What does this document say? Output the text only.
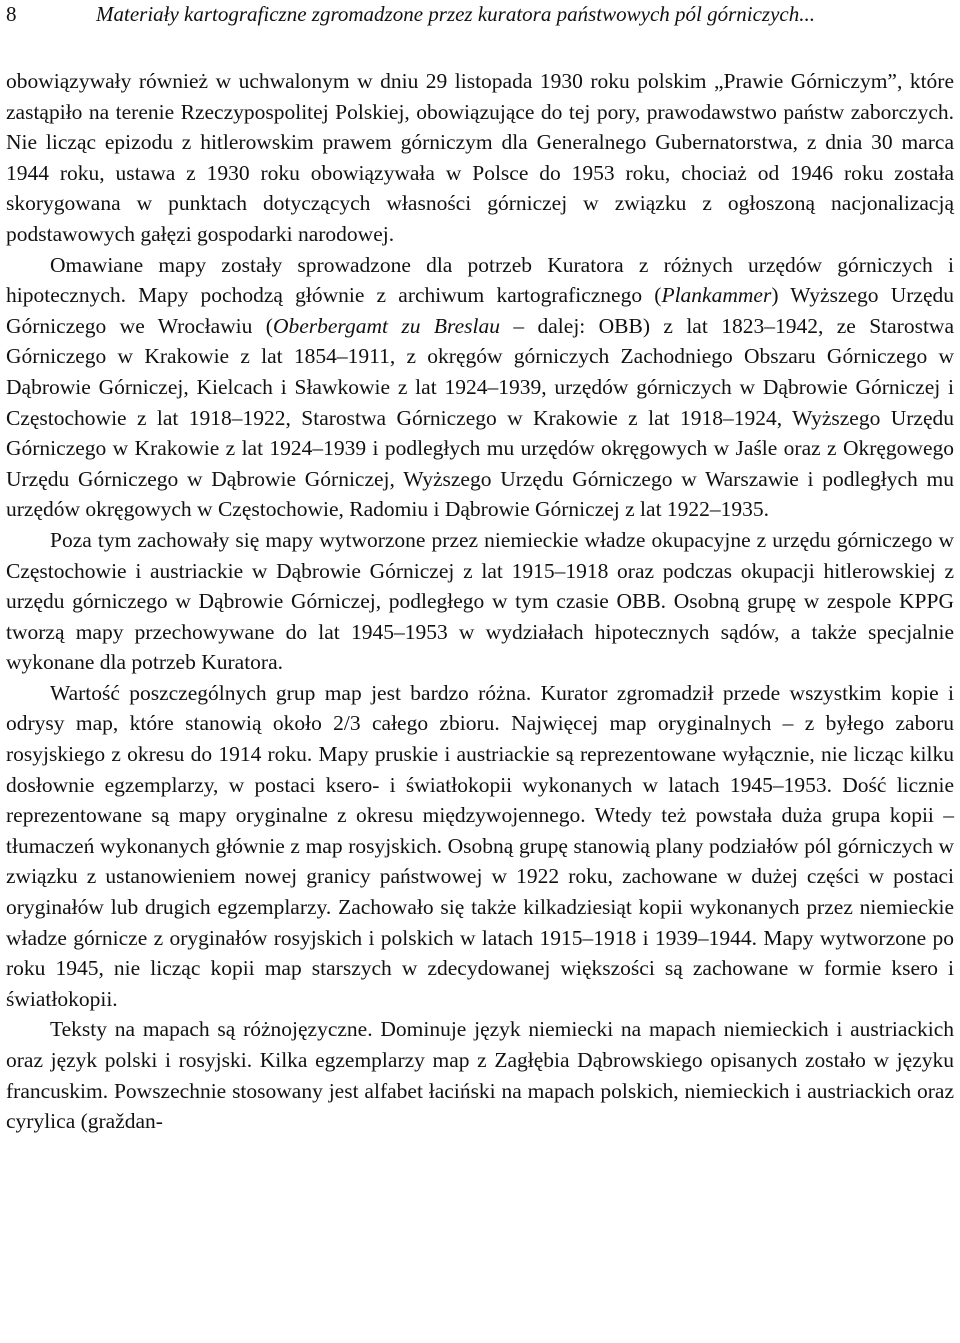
8	Materiały kartograficzne zgromadzone przez kuratora państwowych pól górniczych...

obowiązywały również w uchwalonym w dniu 29 listopada 1930 roku polskim „Prawie Górniczym”, które zastąpiło na terenie Rzeczypospolitej Polskiej, obowiązujące do tej pory, prawodawstwo państw zaborczych. Nie licząc epizodu z hitlerowskim prawem górniczym dla Generalnego Gubernatorstwa, z dnia 30 marca 1944 roku, ustawa z 1930 roku obowiązywała w Polsce do 1953 roku, chociaż od 1946 roku została skorygowana w punktach dotyczących własności górniczej w związku z ogłoszoną nacjonalizacją podstawowych gałęzi gospodarki narodowej.

Omawiane mapy zostały sprowadzone dla potrzeb Kuratora z różnych urzędów górniczych i hipotecznych. Mapy pochodzą głównie z archiwum kartograficznego (Plankammer) Wyższego Urzędu Górniczego we Wrocławiu (Oberbergamt zu Breslau – dalej: OBB) z lat 1823–1942, ze Starostwa Górniczego w Krakowie z lat 1854–1911, z okręgów górniczych Zachodniego Obszaru Górniczego w Dąbrowie Górniczej, Kielcach i Sławkowie z lat 1924–1939, urzędów górniczych w Dąbrowie Górniczej i Częstochowie z lat 1918–1922, Starostwa Górniczego w Krakowie z lat 1918–1924, Wyższego Urzędu Górniczego w Krakowie z lat 1924–1939 i podległych mu urzędów okręgowych w Jaśle oraz z Okręgowego Urzędu Górniczego w Dąbrowie Górniczej, Wyższego Urzędu Górniczego w Warszawie i podległych mu urzędów okręgowych w Częstochowie, Radomiu i Dąbrowie Górniczej z lat 1922–1935.

Poza tym zachowały się mapy wytworzone przez niemieckie władze okupacyjne z urzędu górniczego w Częstochowie i austriackie w Dąbrowie Górniczej z lat 1915–1918 oraz podczas okupacji hitlerowskiej z urzędu górniczego w Dąbrowie Górniczej, podległego w tym czasie OBB. Osobną grupę w zespole KPPG tworzą mapy przechowywane do lat 1945–1953 w wydziałach hipotecznych sądów, a także specjalnie wykonane dla potrzeb Kuratora.

Wartość poszczególnych grup map jest bardzo różna. Kurator zgromadził przede wszystkim kopie i odrysy map, które stanowią około 2/3 całego zbioru. Najwięcej map oryginalnych – z byłego zaboru rosyjskiego z okresu do 1914 roku. Mapy pruskie i austriackie są reprezentowane wyłącznie, nie licząc kilku dosłownie egzemplarzy, w postaci ksero- i światłokopii wykonanych w latach 1945–1953. Dość licznie reprezentowane są mapy oryginalne z okresu międzywojennego. Wtedy też powstała duża grupa kopii – tłumaczeń wykonanych głównie z map rosyjskich. Osobną grupę stanowią plany podziałów pól górniczych w związku z ustanowieniem nowej granicy państwowej w 1922 roku, zachowane w dużej części w postaci oryginałów lub drugich egzemplarzy. Zachowało się także kilkadziesiąt kopii wykonanych przez niemieckie władze górnicze z oryginałów rosyjskich i polskich w latach 1915–1918 i 1939–1944. Mapy wytworzone po roku 1945, nie licząc kopii map starszych w zdecydowanej większości są zachowane w formie ksero i światłokopii.

Teksty na mapach są różnojęzyczne. Dominuje język niemiecki na mapach niemieckich i austriackich oraz język polski i rosyjski. Kilka egzemplarzy map z Zagłębia Dąbrowskiego opisanych zostało w języku francuskim. Powszechnie stosowany jest alfabet łaciński na mapach polskich, niemieckich i austriackich oraz cyrylica (graždan-
